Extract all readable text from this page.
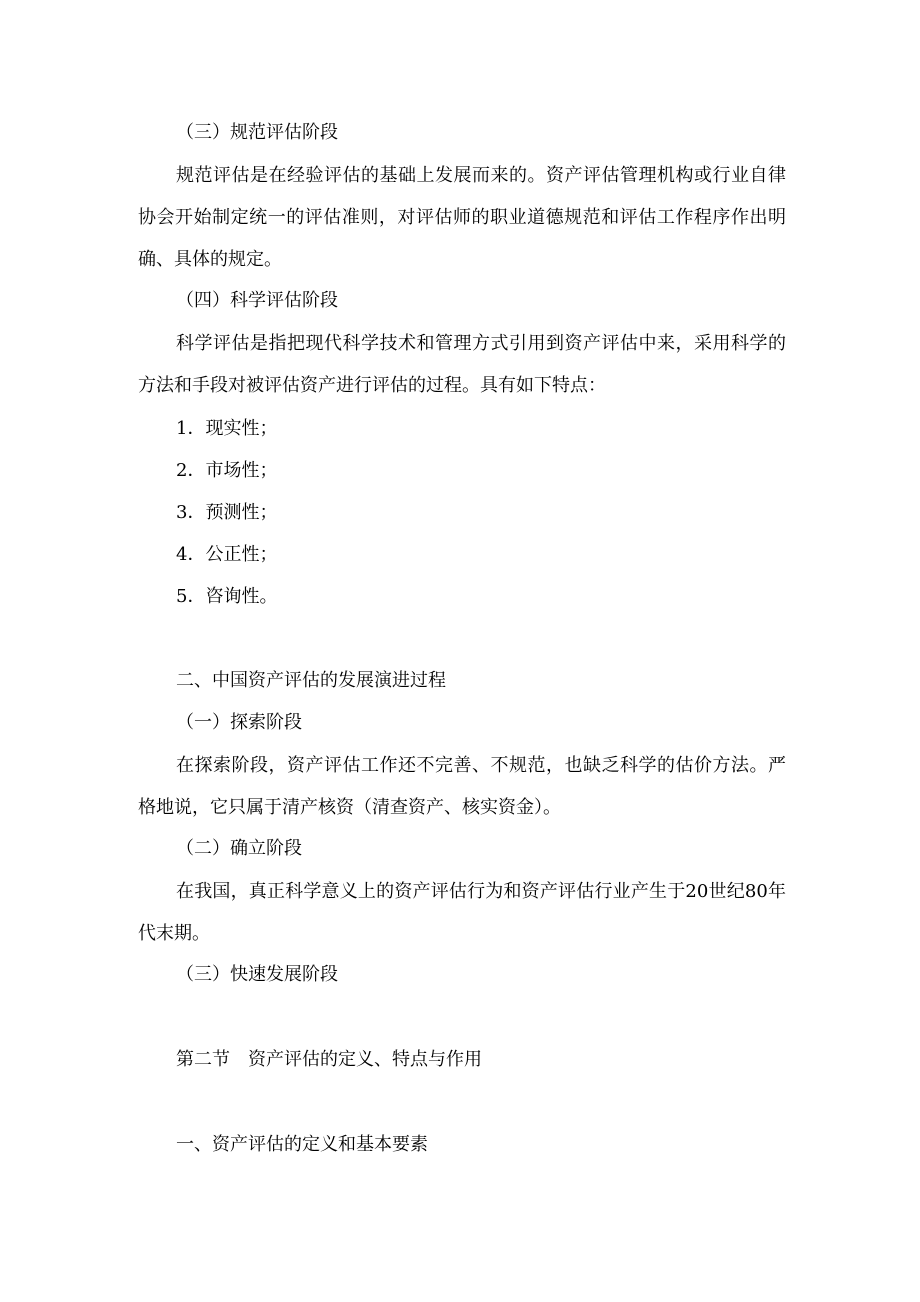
（三）规范评估阶段
规范评估是在经验评估的基础上发展而来的。资产评估管理机构或行业自律协会开始制定统一的评估准则，对评估师的职业道德规范和评估工作程序作出明确、具体的规定。
（四）科学评估阶段
科学评估是指把现代科学技术和管理方式引用到资产评估中来，采用科学的方法和手段对被评估资产进行评估的过程。具有如下特点：
1．现实性；
2．市场性；
3．预测性；
4．公正性；
5．咨询性。
二、中国资产评估的发展演进过程
（一）探索阶段
在探索阶段，资产评估工作还不完善、不规范，也缺乏科学的估价方法。严格地说，它只属于清产核资（清查资产、核实资金）。
（二）确立阶段
在我国，真正科学意义上的资产评估行为和资产评估行业产生于20世纪80年代末期。
（三）快速发展阶段
第二节　资产评估的定义、特点与作用
一、资产评估的定义和基本要素
